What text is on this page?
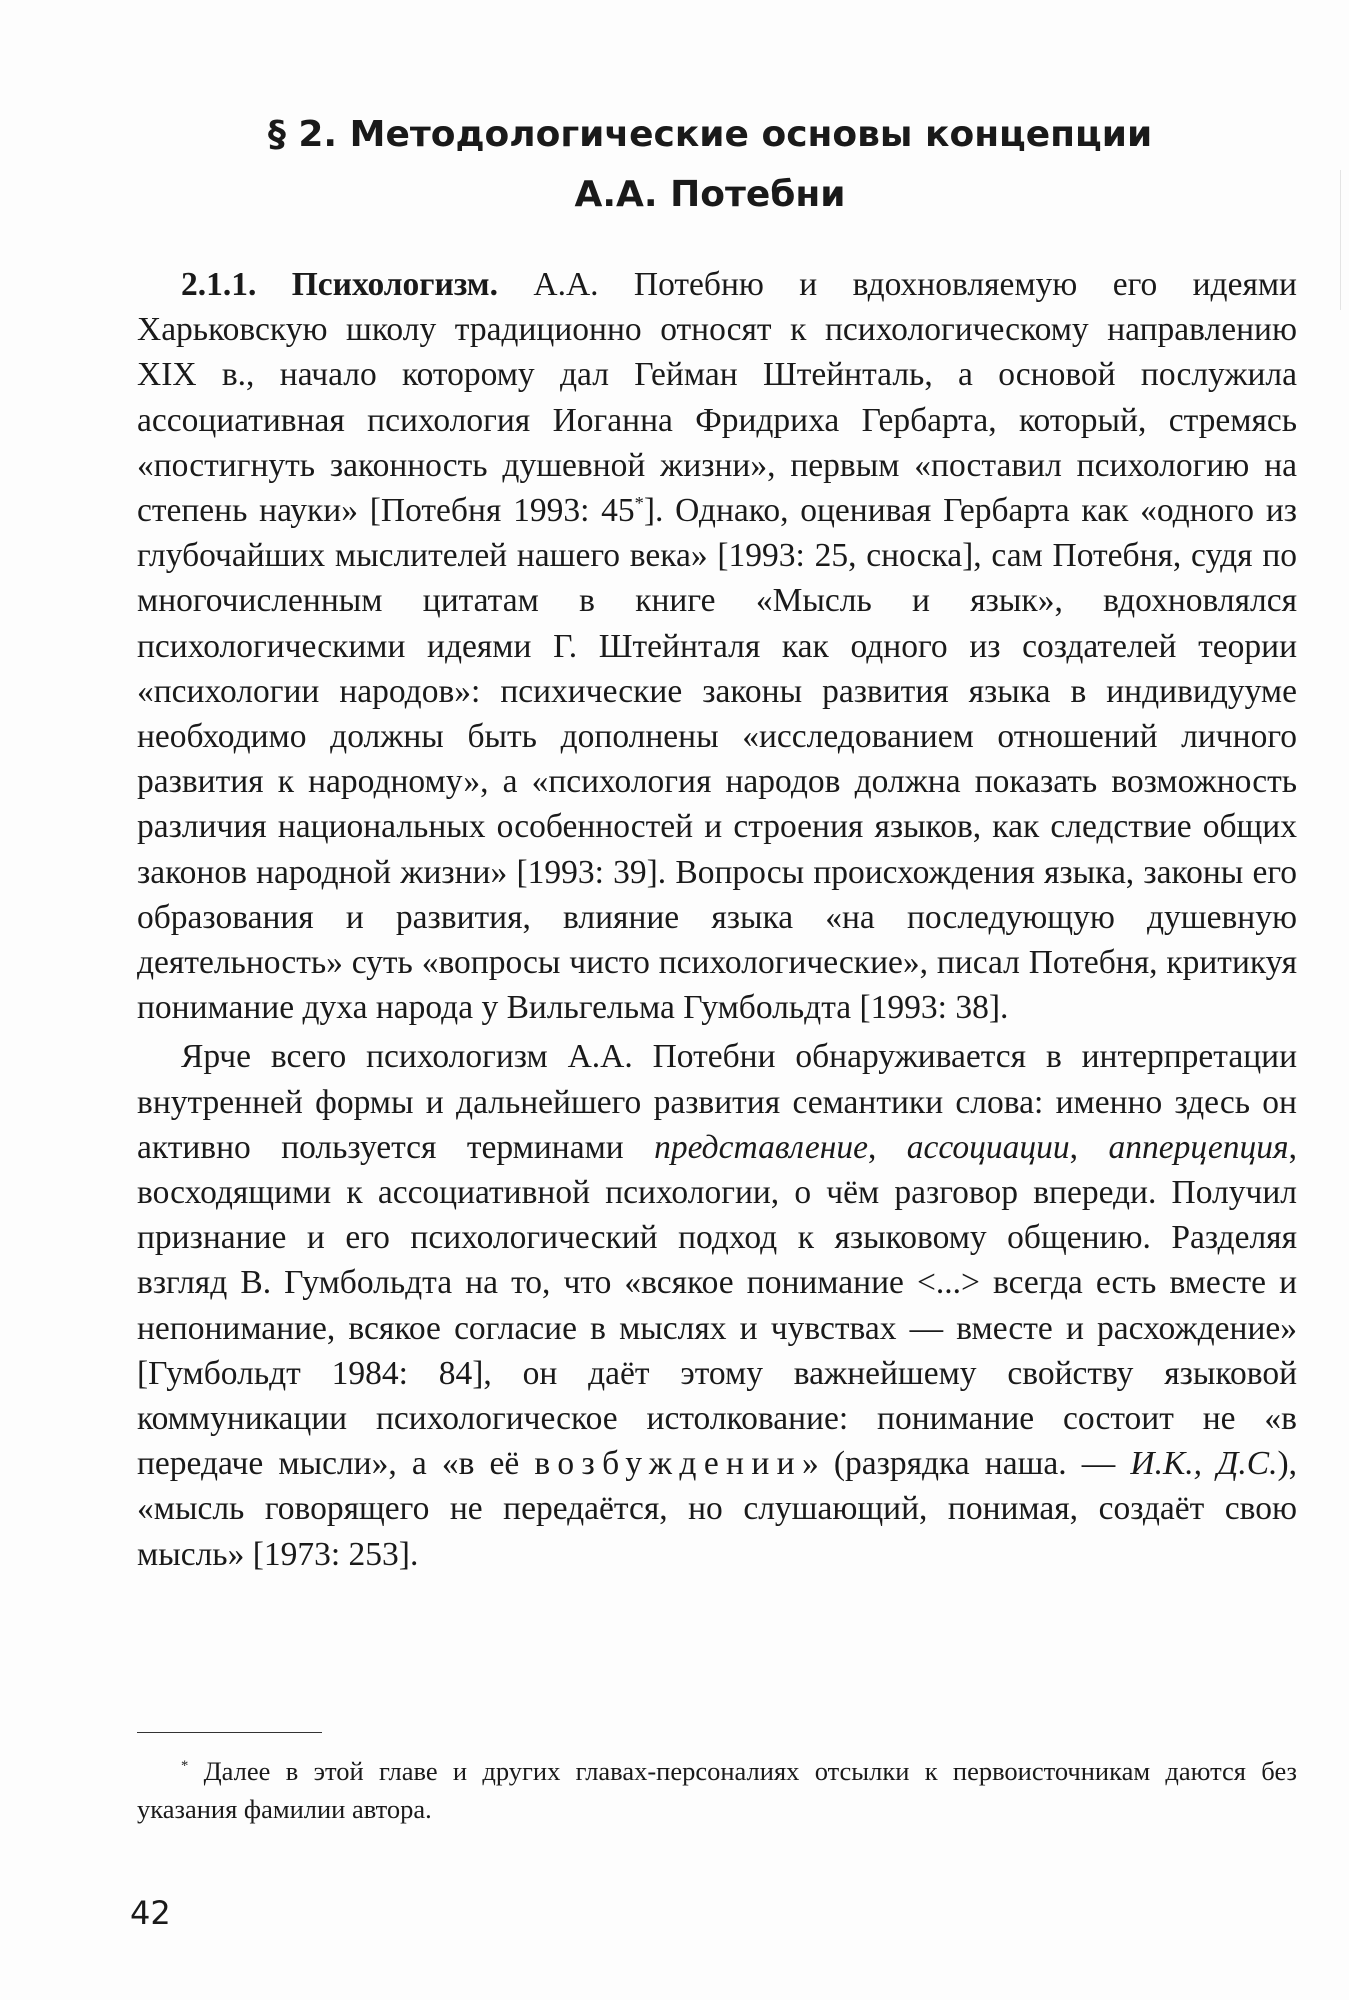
§ 2. Методологические основы концепции
А.А. Потебни

2.1.1. Психологизм. А.А. Потебню и вдохновляемую его идеями Харьковскую школу традиционно относят к психологическому направлению XIX в., начало которому дал Гейман Штейнталь, а основой послужила ассоциативная психология Иоганна Фридриха Гербарта, который, стремясь «постигнуть законность душевной жизни», первым «поставил психологию на степень науки» [Потебня 1993: 45*]. Однако, оценивая Гербарта как «одного из глубочайших мыслителей нашего века» [1993: 25, сноска], сам Потебня, судя по многочисленным цитатам в книге «Мысль и язык», вдохновлялся психологическими идеями Г. Штейнталя как одного из создателей теории «психологии народов»: психические законы развития языка в индивидууме необходимо должны быть дополнены «исследованием отношений личного развития к народному», а «психология народов должна показать возможность различия национальных особенностей и строения языков, как следствие общих законов народной жизни» [1993: 39]. Вопросы происхождения языка, законы его образования и развития, влияние языка «на последующую душевную деятельность» суть «вопросы чисто психологические», писал Потебня, критикуя понимание духа народа у Вильгельма Гумбольдта [1993: 38].

Ярче всего психологизм А.А. Потебни обнаруживается в интерпретации внутренней формы и дальнейшего развития семантики слова: именно здесь он активно пользуется терминами представление, ассоциации, апперцепция, восходящими к ассоциативной психологии, о чём разговор впереди. Получил признание и его психологический подход к языковому общению. Разделяя взгляд В. Гумбольдта на то, что «всякое понимание <...> всегда есть вместе и непонимание, всякое согласие в мыслях и чувствах — вместе и расхождение» [Гумбольдт 1984: 84], он даёт этому важнейшему свойству языковой коммуникации психологическое истолкование: понимание состоит не «в передаче мысли», а «в её возбуждении» (разрядка наша. — И.К., Д.С.), «мысль говорящего не передаётся, но слушающий, понимая, создаёт свою мысль» [1973: 253].

* Далее в этой главе и других главах-персоналиях отсылки к первоисточникам даются без указания фамилии автора.

42
